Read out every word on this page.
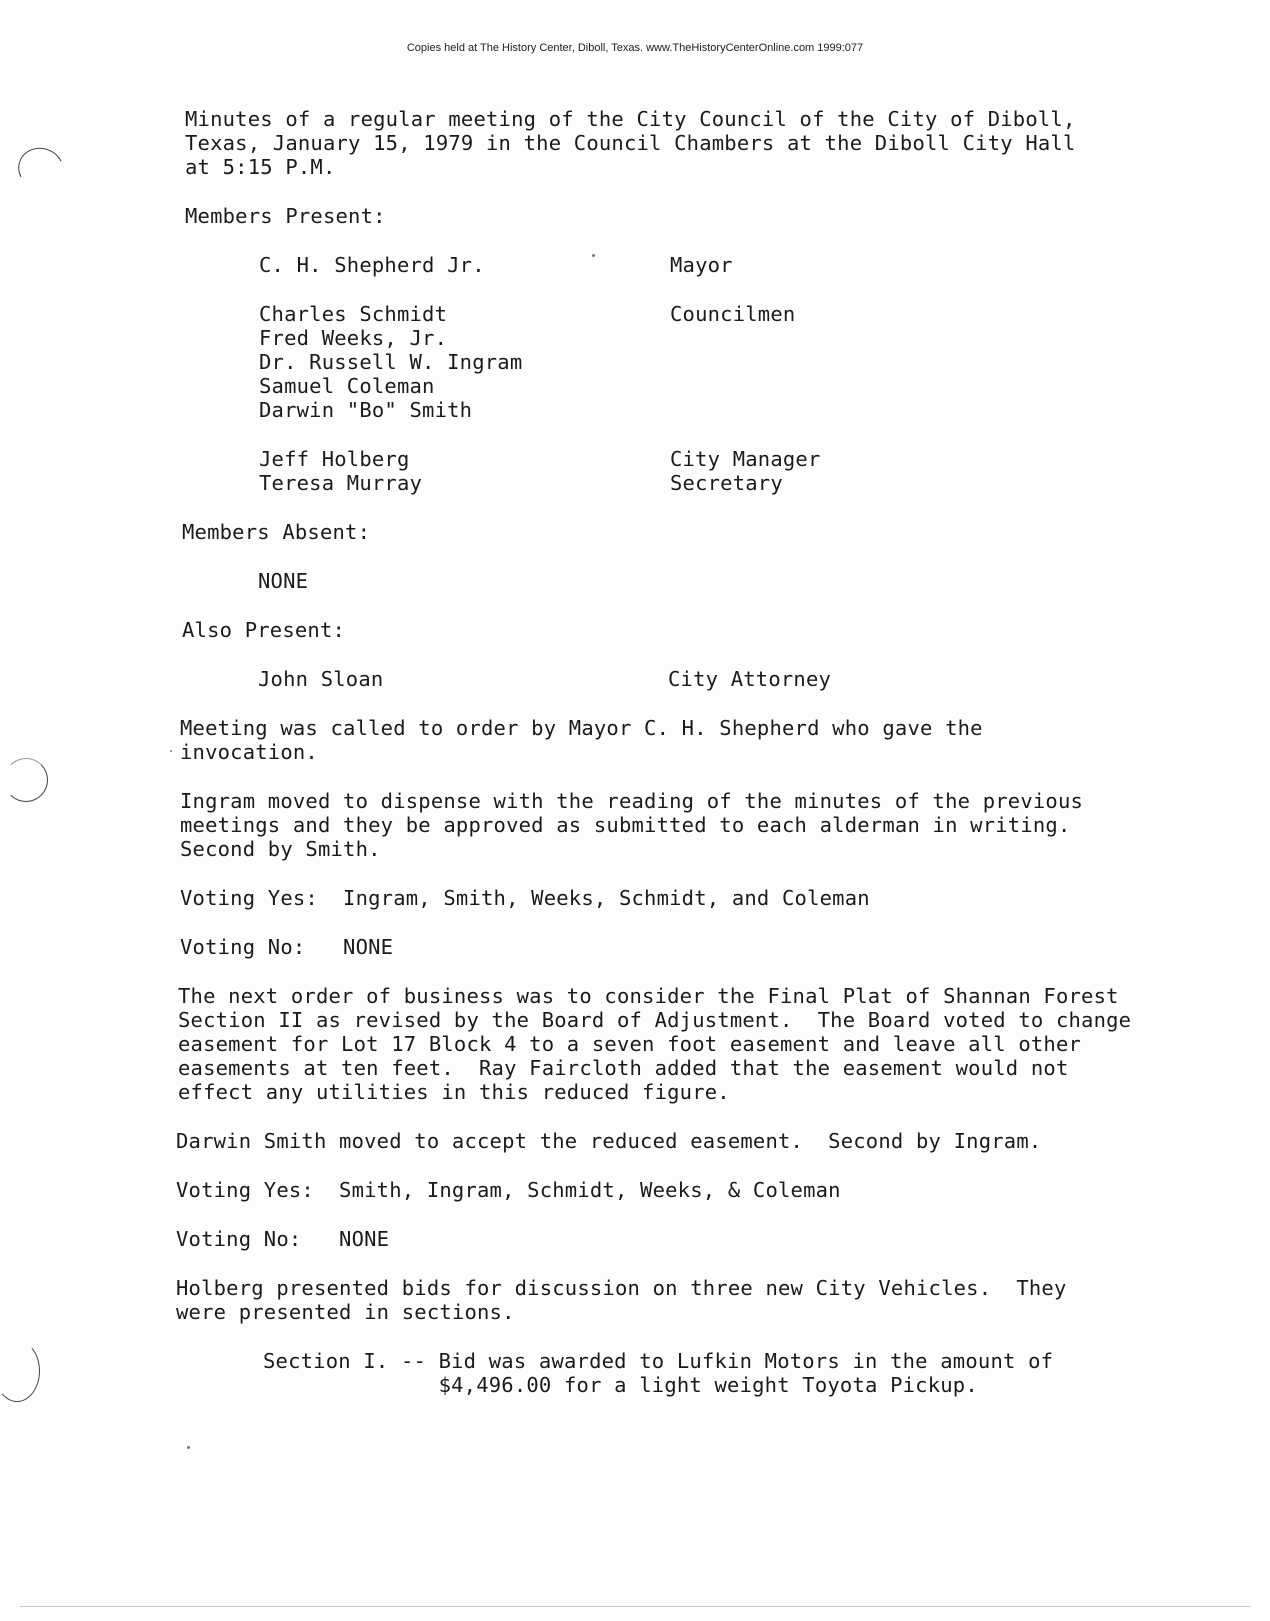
Copies held at The History Center, Diboll, Texas. www.TheHistoryCenterOnline.com 1999:077
Minutes of a regular meeting of the City Council of the City of Diboll,
Texas, January 15, 1979 in the Council Chambers at the Diboll City Hall
at 5:15 P.M.
Members Present:
C. H. Shepherd Jr.	Mayor
Charles Schmidt	Councilmen
Fred Weeks, Jr.
Dr. Russell W. Ingram
Samuel Coleman
Darwin "Bo" Smith
Jeff Holberg	City Manager
Teresa Murray	Secretary
Members Absent:
NONE
Also Present:
John Sloan	City Attorney
Meeting was called to order by Mayor C. H. Shepherd who gave the
invocation.
Ingram moved to dispense with the reading of the minutes of the previous
meetings and they be approved as submitted to each alderman in writing.
Second by Smith.
Voting Yes:  Ingram, Smith, Weeks, Schmidt, and Coleman
Voting No:   NONE
The next order of business was to consider the Final Plat of Shannan Forest
Section II as revised by the Board of Adjustment.  The Board voted to change
easement for Lot 17 Block 4 to a seven foot easement and leave all other
easements at ten feet.  Ray Faircloth added that the easement would not
effect any utilities in this reduced figure.
Darwin Smith moved to accept the reduced easement.  Second by Ingram.
Voting Yes:  Smith, Ingram, Schmidt, Weeks, & Coleman
Voting No:   NONE
Holberg presented bids for discussion on three new City Vehicles.  They
were presented in sections.
Section I. -- Bid was awarded to Lufkin Motors in the amount of
$4,496.00 for a light weight Toyota Pickup.
